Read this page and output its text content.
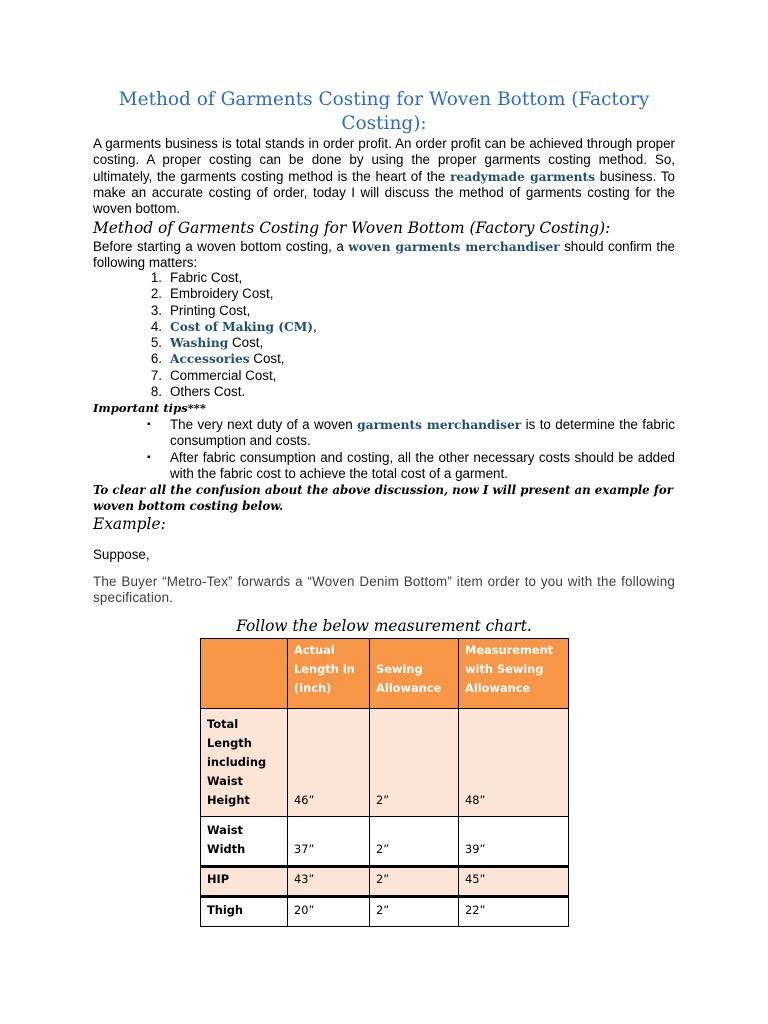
Method of Garments Costing for Woven Bottom (Factory Costing):
A garments business is total stands in order profit. An order profit can be achieved through proper costing. A proper costing can be done by using the proper garments costing method. So, ultimately, the garments costing method is the heart of the readymade garments business. To make an accurate costing of order, today I will discuss the method of garments costing for the woven bottom.
Method of Garments Costing for Woven Bottom (Factory Costing):
Before starting a woven bottom costing, a woven garments merchandiser should confirm the following matters:
1. Fabric Cost,
2. Embroidery Cost,
3. Printing Cost,
4. Cost of Making (CM),
5. Washing Cost,
6. Accessories Cost,
7. Commercial Cost,
8. Others Cost.
Important tips***
▪ The very next duty of a woven garments merchandiser is to determine the fabric consumption and costs.
▪ After fabric consumption and costing, all the other necessary costs should be added with the fabric cost to achieve the total cost of a garment.
To clear all the confusion about the above discussion, now I will present an example for woven bottom costing below.
Example:
Suppose,
The Buyer “Metro-Tex” forwards a “Woven Denim Bottom” item order to you with the following specification.
Follow the below measurement chart.
	Actual Length in (inch)	Sewing Allowance	Measurement with Sewing Allowance
Total Length including Waist Height	46”	2”	48”
Waist Width	37”	2”	39”
HIP	43”	2”	45”
Thigh	20”	2”	22”
